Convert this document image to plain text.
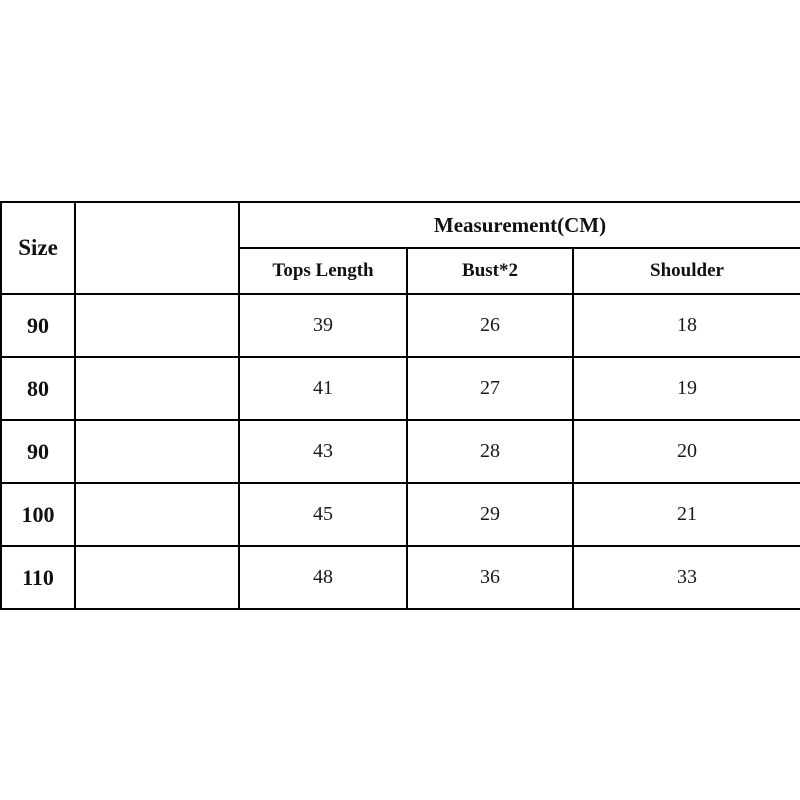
Size		Measurement(CM)		
		Tops Length	Bust*2	Shoulder
90		39	26	18
80		41	27	19
90		43	28	20
100		45	29	21
110		48	36	33
